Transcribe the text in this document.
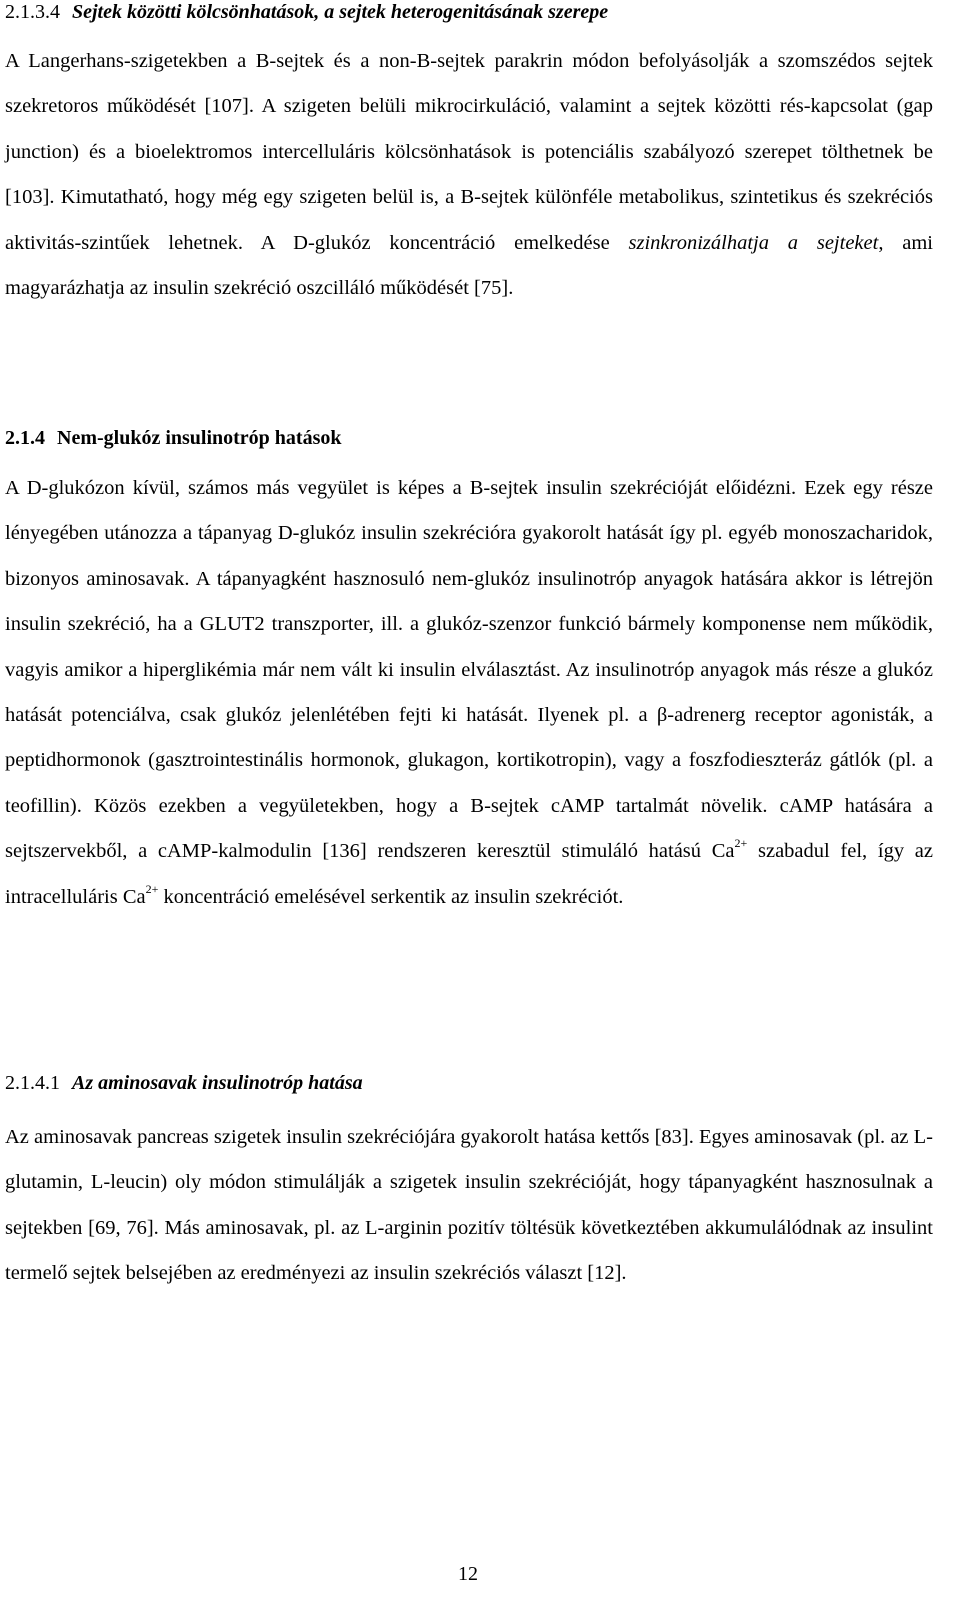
2.1.3.4 Sejtek közötti kölcsönhatások, a sejtek heterogenitásának szerepe

A Langerhans-szigetekben a B-sejtek és a non-B-sejtek parakrin módon befolyásolják a szomszédos sejtek szekretoros működését [107]. A szigeten belüli mikrocirkuláció, valamint a sejtek közötti rés-kapcsolat (gap junction) és a bioelektromos intercelluláris kölcsönhatások is potenciális szabályozó szerepet tölthetnek be [103]. Kimutatható, hogy még egy szigeten belül is, a B-sejtek különféle metabolikus, szintetikus és szekréciós aktivitás-szintűek lehetnek. A D-glukóz koncentráció emelkedése szinkronizálhatja a sejteket, ami magyarázhatja az insulin szekréció oszcilláló működését [75].

2.1.4 Nem-glukóz insulinotróp hatások

A D-glukózon kívül, számos más vegyület is képes a B-sejtek insulin szekrécióját előidézni. Ezek egy része lényegében utánozza a tápanyag D-glukóz insulin szekrécióra gyakorolt hatását így pl. egyéb monoszacharidok, bizonyos aminosavak. A tápanyagként hasznosuló nem-glukóz insulinotróp anyagok hatására akkor is létrejön insulin szekréció, ha a GLUT2 transzporter, ill. a glukóz-szenzor funkció bármely komponense nem működik, vagyis amikor a hiperglikémia már nem vált ki insulin elválasztást. Az insulinotróp anyagok más része a glukóz hatását potenciálva, csak glukóz jelenlétében fejti ki hatását. Ilyenek pl. a β-adrenerg receptor agonisták, a peptidhormonok (gasztrointestinális hormonok, glukagon, kortikotropin), vagy a foszfodieszteráz gátlók (pl. a teofillin). Közös ezekben a vegyületekben, hogy a B-sejtek cAMP tartalmát növelik. cAMP hatására a sejtszervekből, a cAMP-kalmodulin [136] rendszeren keresztül stimuláló hatású $Ca^{2+}$ szabadul fel, így az intracelluláris $Ca^{2+}$ koncentráció emelésével serkentik az insulin szekréciót.

2.1.4.1 Az aminosavak insulinotróp hatása

Az aminosavak pancreas szigetek insulin szekréciójára gyakorolt hatása kettős [83]. Egyes aminosavak (pl. az L-glutamin, L-leucin) oly módon stimulálják a szigetek insulin szekrécióját, hogy tápanyagként hasznosulnak a sejtekben [69, 76]. Más aminosavak, pl. az L-arginin pozitív töltésük következtében akkumulálódnak az insulint termelő sejtek belsejében az eredményezi az insulin szekréciós választ [12].

12
